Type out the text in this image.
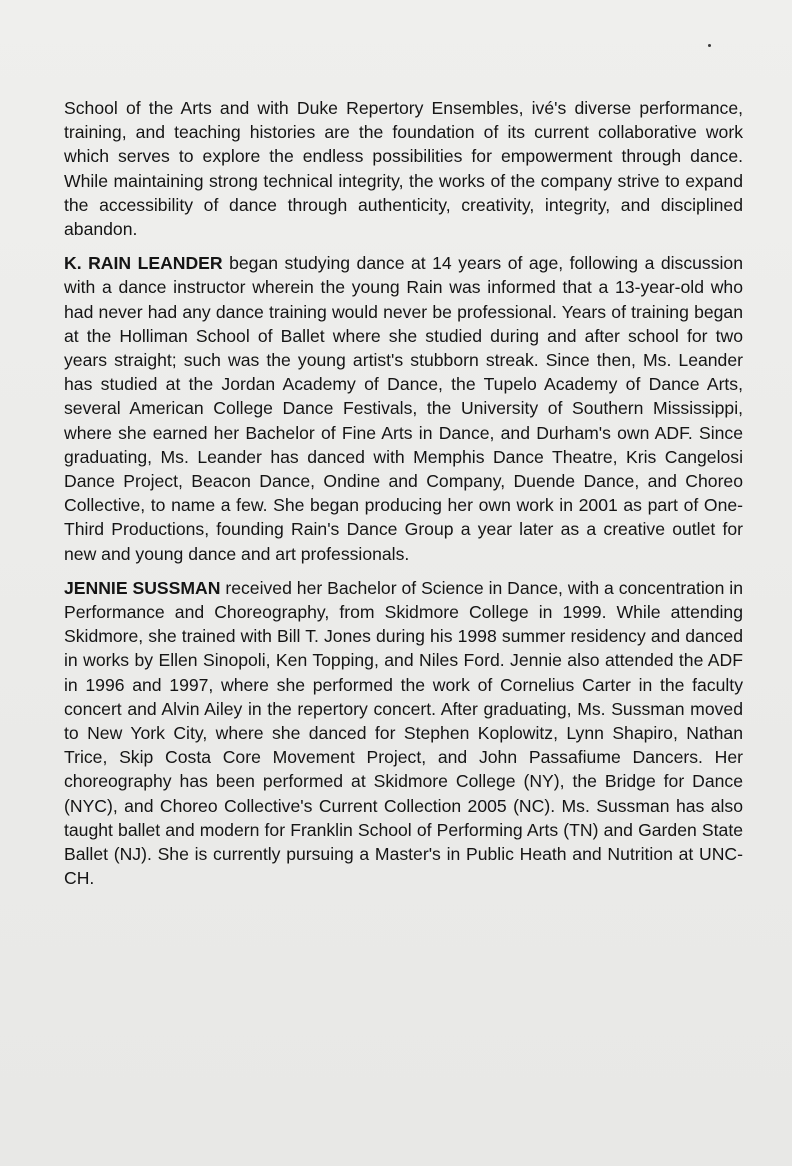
School of the Arts and with Duke Repertory Ensembles, ivé's diverse performance, training, and teaching histories are the foundation of its current collaborative work which serves to explore the endless possibilities for empowerment through dance. While maintaining strong technical integrity, the works of the company strive to expand the accessibility of dance through authenticity, creativity, integrity, and disciplined abandon.

K. RAIN LEANDER began studying dance at 14 years of age, following a discussion with a dance instructor wherein the young Rain was informed that a 13-year-old who had never had any dance training would never be professional. Years of training began at the Holliman School of Ballet where she studied during and after school for two years straight; such was the young artist's stubborn streak. Since then, Ms. Leander has studied at the Jordan Academy of Dance, the Tupelo Academy of Dance Arts, several American College Dance Festivals, the University of Southern Mississippi, where she earned her Bachelor of Fine Arts in Dance, and Durham's own ADF. Since graduating, Ms. Leander has danced with Memphis Dance Theatre, Kris Cangelosi Dance Project, Beacon Dance, Ondine and Company, Duende Dance, and Choreo Collective, to name a few. She began producing her own work in 2001 as part of One-Third Productions, founding Rain's Dance Group a year later as a creative outlet for new and young dance and art professionals.

JENNIE SUSSMAN received her Bachelor of Science in Dance, with a concentration in Performance and Choreography, from Skidmore College in 1999. While attending Skidmore, she trained with Bill T. Jones during his 1998 summer residency and danced in works by Ellen Sinopoli, Ken Topping, and Niles Ford. Jennie also attended the ADF in 1996 and 1997, where she performed the work of Cornelius Carter in the faculty concert and Alvin Ailey in the repertory concert. After graduating, Ms. Sussman moved to New York City, where she danced for Stephen Koplowitz, Lynn Shapiro, Nathan Trice, Skip Costa Core Movement Project, and John Passafiume Dancers. Her choreography has been performed at Skidmore College (NY), the Bridge for Dance (NYC), and Choreo Collective's Current Collection 2005 (NC). Ms. Sussman has also taught ballet and modern for Franklin School of Performing Arts (TN) and Garden State Ballet (NJ). She is currently pursuing a Master's in Public Heath and Nutrition at UNC-CH.
